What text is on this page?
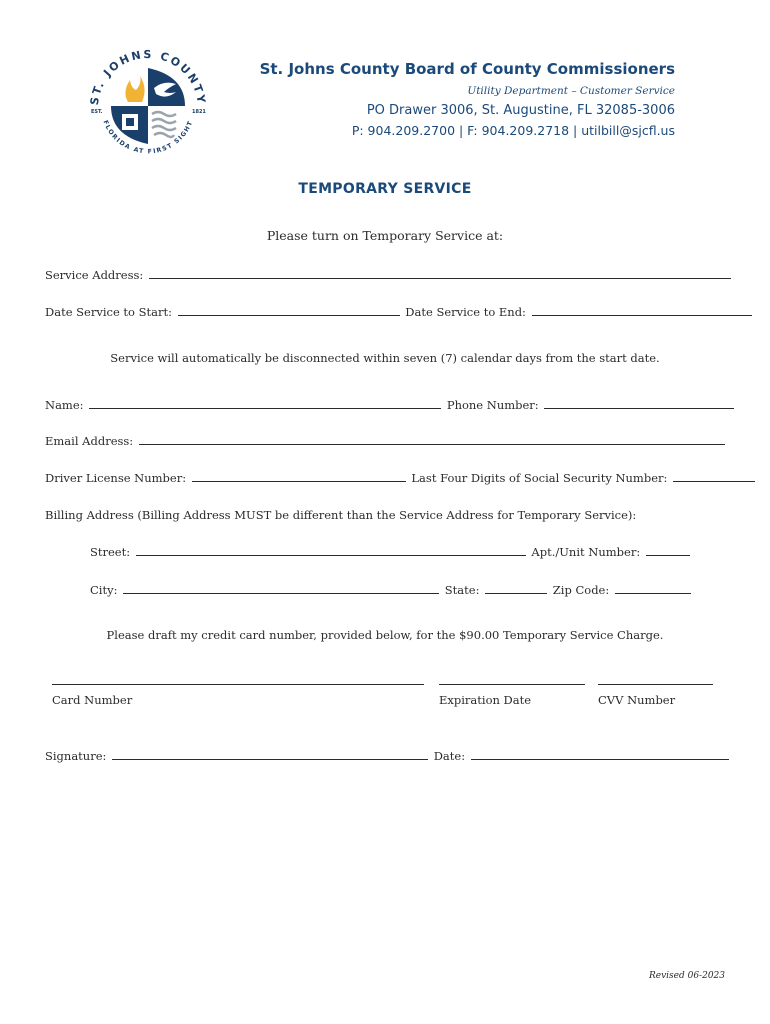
ST. JOHNS COUNTY
FLORIDA AT FIRST SIGHT
EST.	1821
St. Johns County Board of County Commissioners
Utility Department – Customer Service
PO Drawer 3006, St. Augustine, FL 32085-3006
P: 904.209.2700 | F: 904.209.2718 | utilbill@sjcfl.us
TEMPORARY SERVICE
Please turn on Temporary Service at:
Service Address:
Date Service to Start:	Date Service to End:
Service will automatically be disconnected within seven (7) calendar days from the start date.
Name:	Phone Number:
Email Address:
Driver License Number:	Last Four Digits of Social Security Number:
Billing Address (Billing Address MUST be different than the Service Address for Temporary Service):
Street:	Apt./Unit Number:
City:	State:	Zip Code:
Please draft my credit card number, provided below, for the $90.00 Temporary Service Charge.
Card Number	Expiration Date	CVV Number
Signature:	Date:
Revised 06-2023
